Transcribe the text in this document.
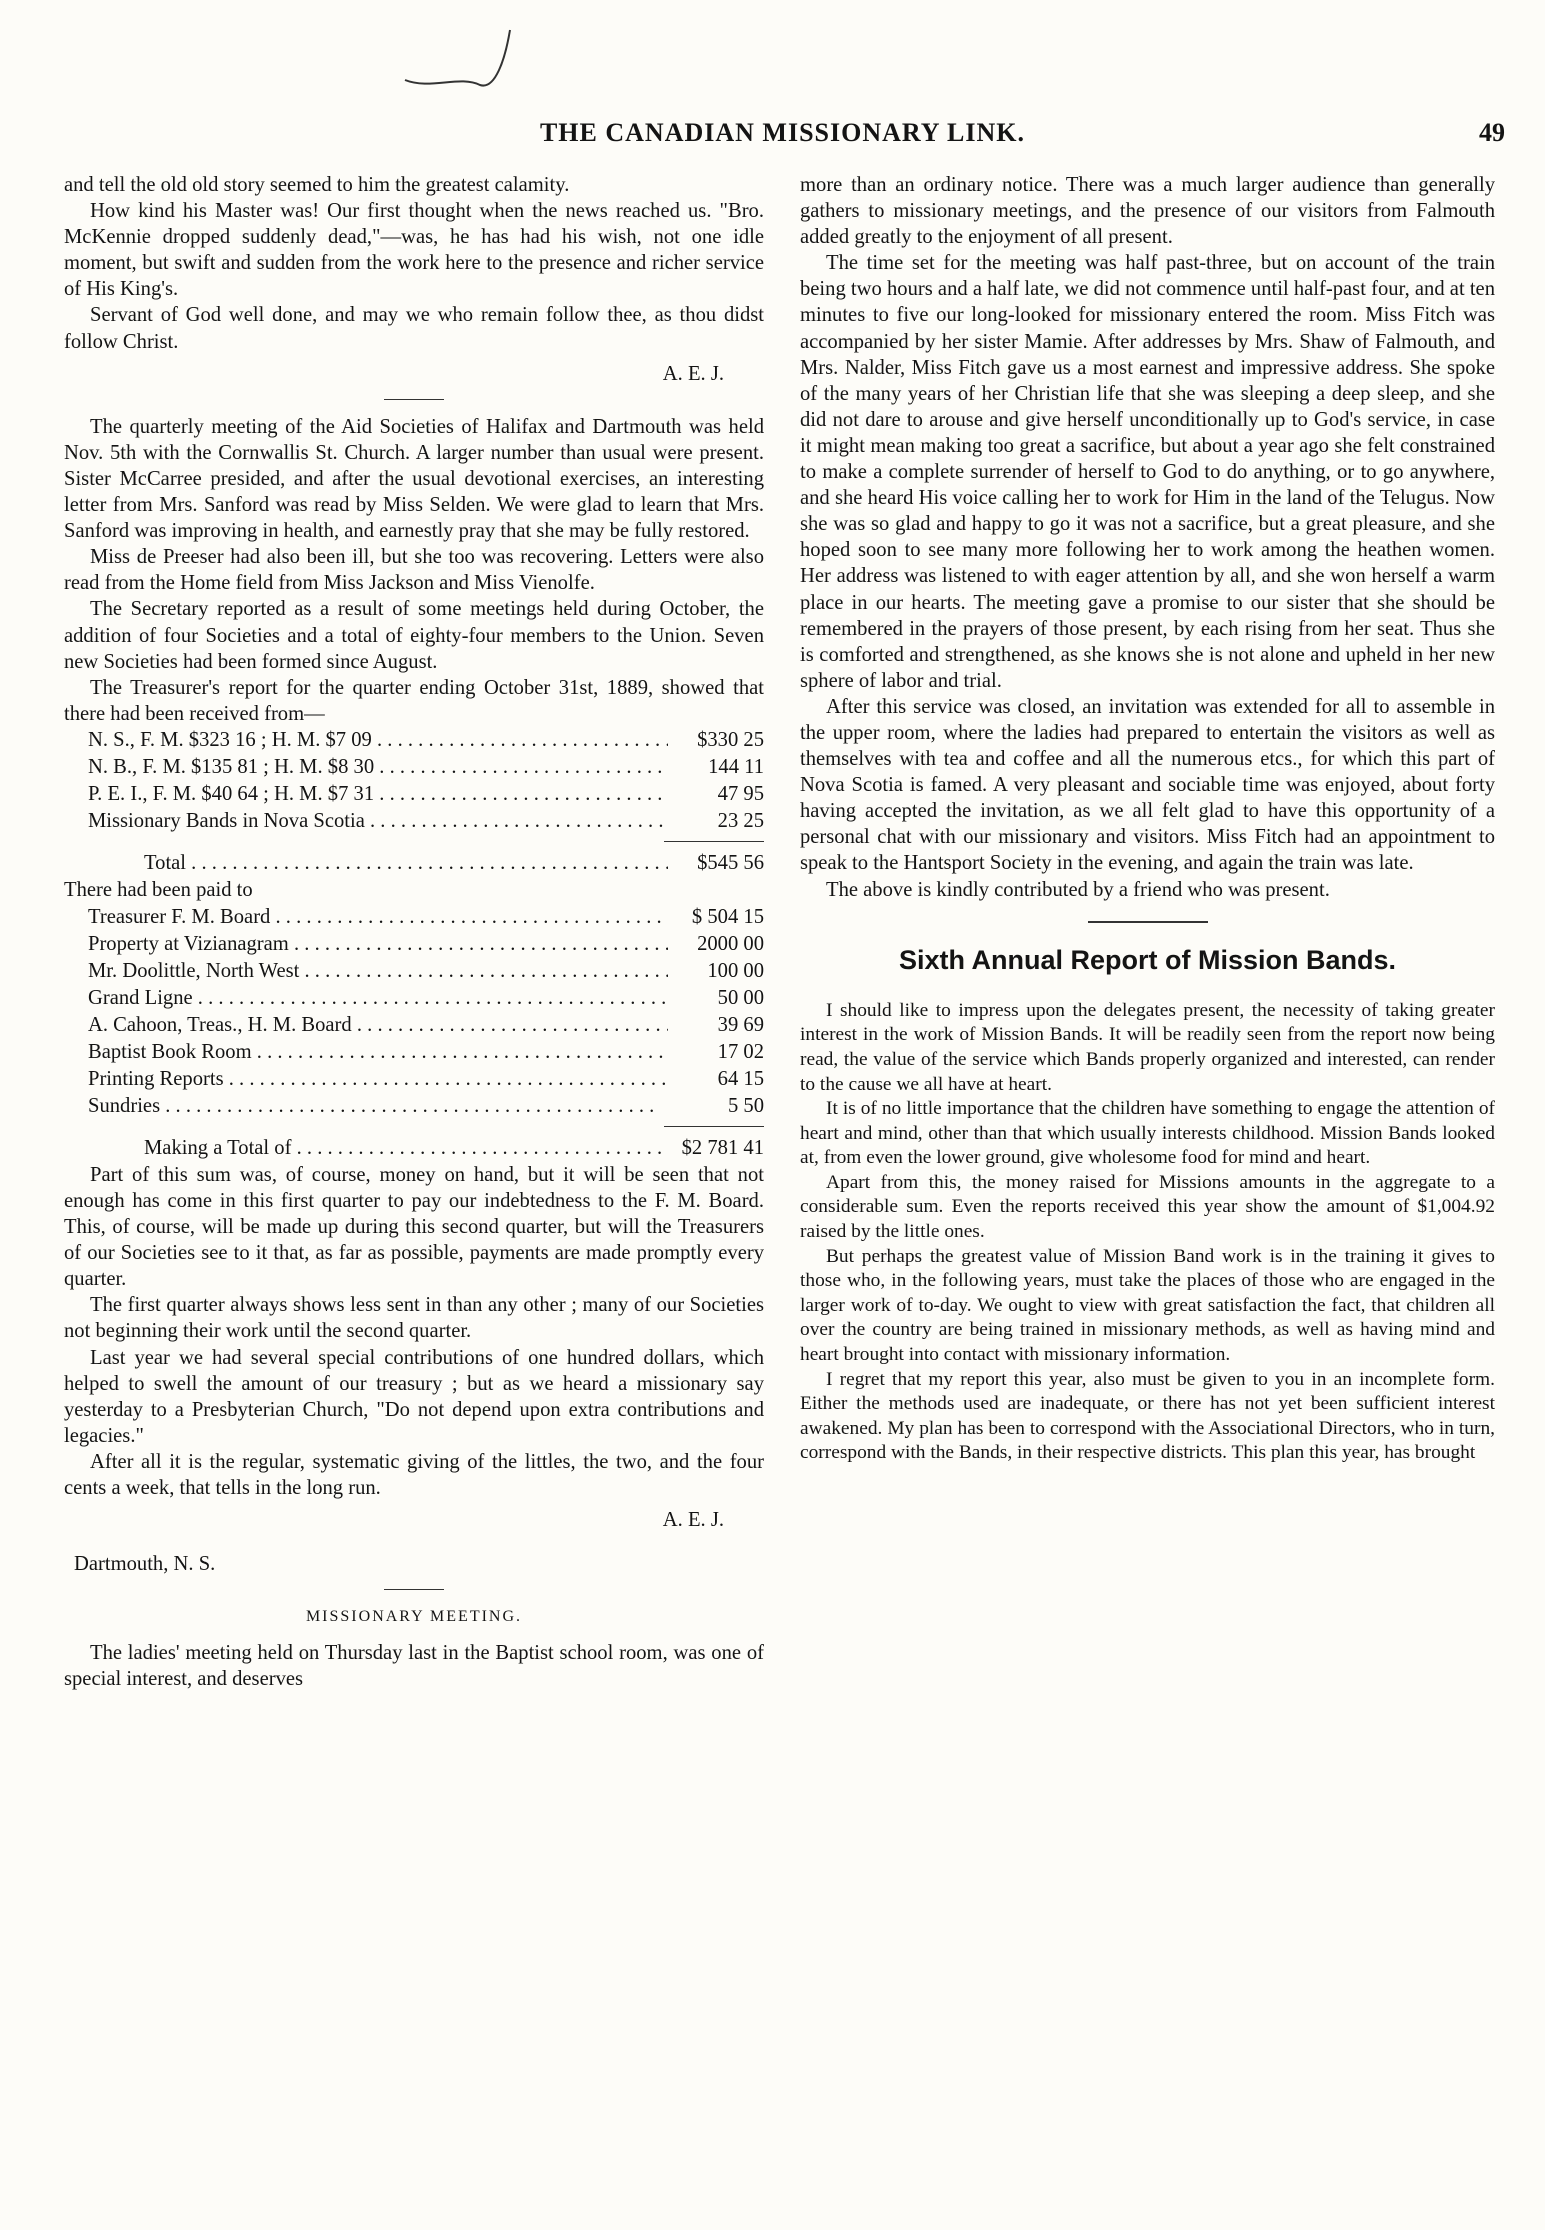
THE CANADIAN MISSIONARY LINK.	49

and tell the old old story seemed to him the greatest calamity.

How kind his Master was! Our first thought when the news reached us. "Bro. McKennie dropped suddenly dead,"—was, he has had his wish, not one idle moment, but swift and sudden from the work here to the presence and richer service of His King's.

Servant of God well done, and may we who remain follow thee, as thou didst follow Christ.

A. E. J.

The quarterly meeting of the Aid Societies of Halifax and Dartmouth was held Nov. 5th with the Cornwallis St. Church. A larger number than usual were present. Sister McCarree presided, and after the usual devotional exercises, an interesting letter from Mrs. Sanford was read by Miss Selden. We were glad to learn that Mrs. Sanford was improving in health, and earnestly pray that she may be fully restored.

Miss de Preeser had also been ill, but she too was recovering. Letters were also read from the Home field from Miss Jackson and Miss Vienolfe.

The Secretary reported as a result of some meetings held during October, the addition of four Societies and a total of eighty-four members to the Union. Seven new Societies had been formed since August.

The Treasurer's report for the quarter ending October 31st, 1889, showed that there had been received from—

N. S., F. M. $323 16 ; H. M. $7 09 . . .	$330 25
N. B., F. M. $135 81 ; H. M. $8 30 . . .	144 11
P. E. I., F. M. $40 64 ; H. M. $7 31 . . .	47 95
Missionary Bands in Nova Scotia . . .	23 25
Total . . .	$545 56
There had been paid to
Treasurer F. M. Board . . .	$ 504 15
Property at Vizianagram . . .	2000 00
Mr. Doolittle, North West . . .	100 00
Grand Ligne . . .	50 00
A. Cahoon, Treas., H. M. Board . . .	39 69
Baptist Book Room . . .	17 02
Printing Reports . . .	64 15
Sundries . . .	5 50
Making a Total of . . .	$2 781 41

Part of this sum was, of course, money on hand, but it will be seen that not enough has come in this first quarter to pay our indebtedness to the F. M. Board. This, of course, will be made up during this second quarter, but will the Treasurers of our Societies see to it that, as far as possible, payments are made promptly every quarter.

The first quarter always shows less sent in than any other ; many of our Societies not beginning their work until the second quarter.

Last year we had several special contributions of one hundred dollars, which helped to swell the amount of our treasury ; but as we heard a missionary say yesterday to a Presbyterian Church, "Do not depend upon extra contributions and legacies."

After all it is the regular, systematic giving of the littles, the two, and the four cents a week, that tells in the long run.

A. E. J.
Dartmouth, N. S.
MISSIONARY MEETING.

The ladies' meeting held on Thursday last in the Baptist school room, was one of special interest, and deserves

more than an ordinary notice. There was a much larger audience than generally gathers to missionary meetings, and the presence of our visitors from Falmouth added greatly to the enjoyment of all present.

The time set for the meeting was half past-three, but on account of the train being two hours and a half late, we did not commence until half-past four, and at ten minutes to five our long-looked for missionary entered the room. Miss Fitch was accompanied by her sister Mamie. After addresses by Mrs. Shaw of Falmouth, and Mrs. Nalder, Miss Fitch gave us a most earnest and impressive address. She spoke of the many years of her Christian life that she was sleeping a deep sleep, and she did not dare to arouse and give herself unconditionally up to God's service, in case it might mean making too great a sacrifice, but about a year ago she felt constrained to make a complete surrender of herself to God to do anything, or to go anywhere, and she heard His voice calling her to work for Him in the land of the Telugus. Now she was so glad and happy to go it was not a sacrifice, but a great pleasure, and she hoped soon to see many more following her to work among the heathen women. Her address was listened to with eager attention by all, and she won herself a warm place in our hearts. The meeting gave a promise to our sister that she should be remembered in the prayers of those present, by each rising from her seat. Thus she is comforted and strengthened, as she knows she is not alone and upheld in her new sphere of labor and trial.

After this service was closed, an invitation was extended for all to assemble in the upper room, where the ladies had prepared to entertain the visitors as well as themselves with tea and coffee and all the numerous etcs., for which this part of Nova Scotia is famed. A very pleasant and sociable time was enjoyed, about forty having accepted the invitation, as we all felt glad to have this opportunity of a personal chat with our missionary and visitors. Miss Fitch had an appointment to speak to the Hantsport Society in the evening, and again the train was late.

The above is kindly contributed by a friend who was present.

Sixth Annual Report of Mission Bands.

I should like to impress upon the delegates present, the necessity of taking greater interest in the work of Mission Bands. It will be readily seen from the report now being read, the value of the service which Bands properly organized and interested, can render to the cause we all have at heart.

It is of no little importance that the children have something to engage the attention of heart and mind, other than that which usually interests childhood. Mission Bands looked at, from even the lower ground, give wholesome food for mind and heart.

Apart from this, the money raised for Missions amounts in the aggregate to a considerable sum. Even the reports received this year show the amount of $1,004.92 raised by the little ones.

But perhaps the greatest value of Mission Band work is in the training it gives to those who, in the following years, must take the places of those who are engaged in the larger work of to-day. We ought to view with great satisfaction the fact, that children all over the country are being trained in missionary methods, as well as having mind and heart brought into contact with missionary information.

I regret that my report this year, also must be given to you in an incomplete form. Either the methods used are inadequate, or there has not yet been sufficient interest awakened. My plan has been to correspond with the Associational Directors, who in turn, correspond with the Bands, in their respective districts. This plan this year, has brought
